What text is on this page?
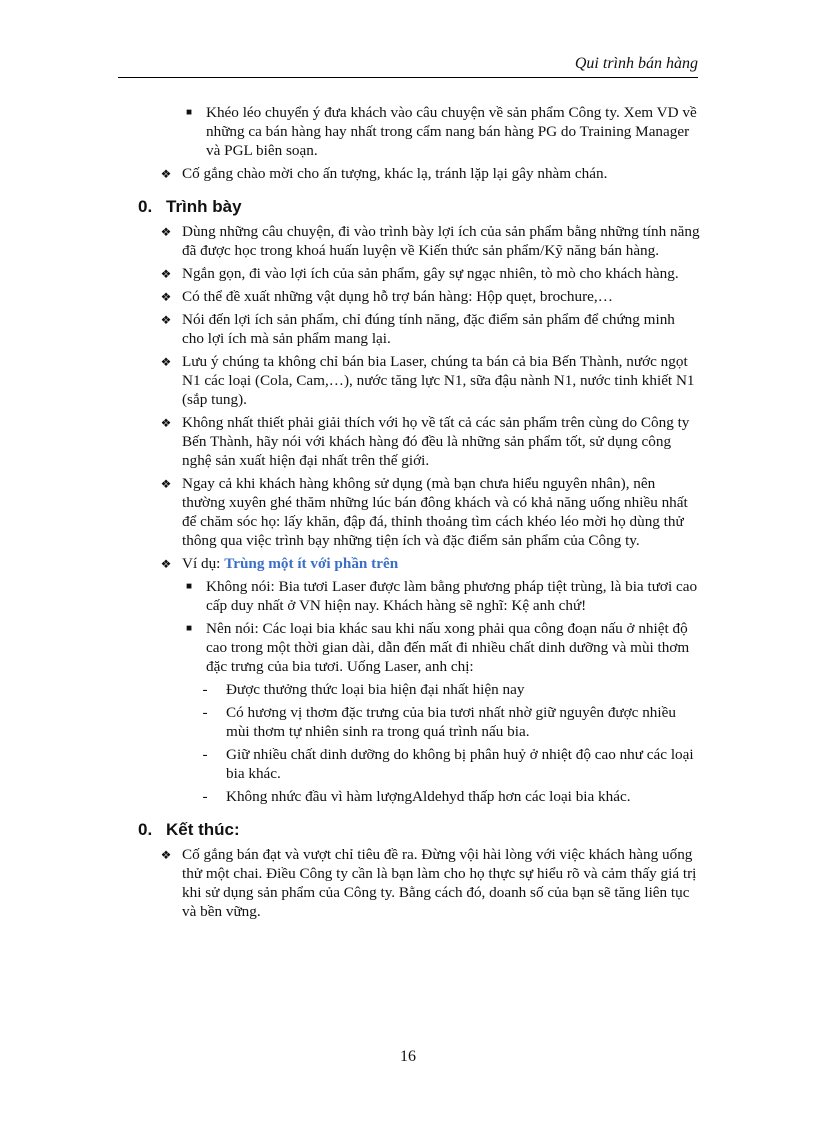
Qui trình bán hàng
■ Khéo léo chuyển ý đưa khách vào câu chuyện về sản phẩm Công ty. Xem VD về những ca bán hàng hay nhất trong cẩm nang bán hàng PG do Training Manager và PGL biên soạn.
❖ Cố gắng chào mời cho ấn tượng, khác lạ, tránh lặp lại gây nhàm chán.
0. Trình bày
❖ Dùng những câu chuyện, đi vào trình bày lợi ích của sản phẩm bằng những tính năng đã được học trong khoá huấn luyện về Kiến thức sản phẩm/Kỹ năng bán hàng.
❖ Ngắn gọn, đi vào lợi ích của sản phẩm, gây sự ngạc nhiên, tò mò cho khách hàng.
❖ Có thể đề xuất những vật dụng hỗ trợ bán hàng: Hộp quẹt, brochure,…
❖ Nói đến lợi ích sản phẩm, chỉ đúng tính năng, đặc điểm sản phẩm để chứng minh cho lợi ích mà sản phẩm mang lại.
❖ Lưu ý chúng ta không chỉ bán bia Laser, chúng ta bán cả bia Bến Thành, nước ngọt N1 các loại (Cola, Cam,…), nước tăng lực N1, sữa đậu nành N1, nước tinh khiết N1 (sắp tung).
❖ Không nhất thiết phải giải thích với họ về tất cả các sản phẩm trên cùng do Công ty Bến Thành, hãy nói với khách hàng đó đều là những sản phẩm tốt, sử dụng công nghệ sản xuất hiện đại nhất trên thế giới.
❖ Ngay cả khi khách hàng không sử dụng (mà bạn chưa hiểu nguyên nhân), nên thường xuyên ghé thăm những lúc bán đông khách và có khả năng uống nhiều nhất để chăm sóc họ: lấy khăn, đập đá, thỉnh thoảng tìm cách khéo léo mời họ dùng thử thông qua việc trình bạy những tiện ích và đặc điểm sản phẩm của Công ty.
❖ Ví dụ: Trùng một ít với phần trên
■ Không nói: Bia tươi Laser được làm bằng phương pháp tiệt trùng, là bia tươi cao cấp duy nhất ở VN hiện nay. Khách hàng sẽ nghĩ: Kệ anh chứ!
■ Nên nói: Các loại bia khác sau khi nấu xong phải qua công đoạn nấu ở nhiệt độ cao trong một thời gian dài, dẫn đến mất đi nhiều chất dinh dưỡng và mùi thơm đặc trưng của bia tươi. Uống Laser, anh chị:
- Được thưởng thức loại bia hiện đại nhất hiện nay
- Có hương vị thơm đặc trưng của bia tươi nhất nhờ giữ nguyên được nhiều mùi thơm tự nhiên sinh ra trong quá trình nấu bia.
- Giữ nhiều chất dinh dưỡng do không bị phân huỷ ở nhiệt độ cao như các loại bia khác.
- Không nhức đầu vì hàm lượngAldehyd thấp hơn các loại bia khác.
0. Kết thúc:
❖ Cố gắng bán đạt và vượt chỉ tiêu đề ra. Đừng vội hài lòng với việc khách hàng uống thử một chai. Điều Công ty cần là bạn làm cho họ thực sự hiểu rõ và cảm thấy giá trị khi sử dụng sản phẩm của Công ty. Bằng cách đó, doanh số của bạn sẽ tăng liên tục và bền vững.
16
